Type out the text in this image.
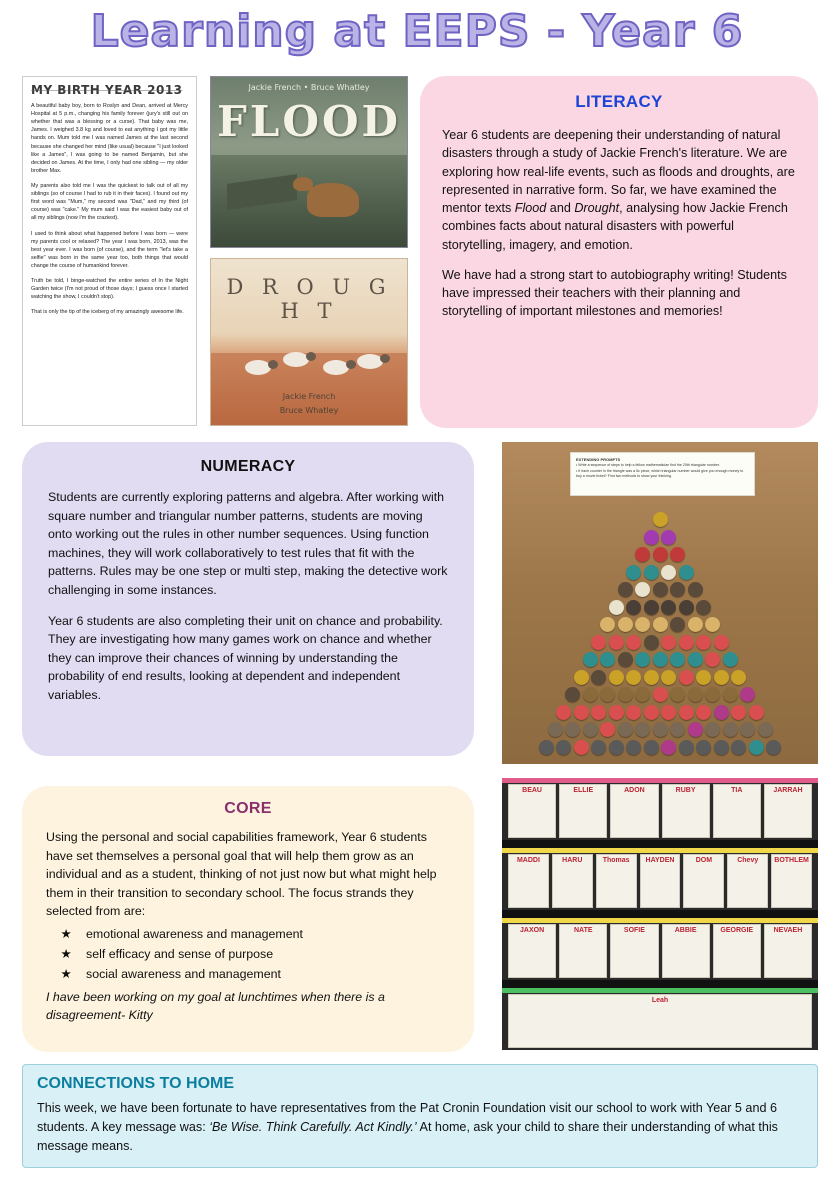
Learning at EEPS - Year 6
MY BIRTH YEAR 2013

A beautiful baby boy, born to Roslyn and Dean, arrived at Mercy Hospital at 5 p.m., changing his family forever (jury's still out on whether that was a blessing or a curse). That baby was me, James. I weighed 3.8 kg and loved to eat anything I got my little hands on. Mum told me I was named James at the last second because she changed her mind (like usual) because "I just looked like a James", I was going to be named Benjamin, but she decided on James. At the time, I only had one sibling — my older brother Max.

My parents also told me I was the quickest to talk out of all my siblings (so of course I had to rub it in their faces). I found out my first word was "Mum," my second was "Dad," and my third (of course) was "cake." My mum said I was the easiest baby out of all my siblings (now I'm the craziest).

I used to think about what happened before I was born — were my parents cool or relaxed? The year I was born, 2013, was the best year ever. I was born (of course), and the term "let's take a selfie" was born in the same year too, both things that would change the course of humankind forever.

Truth be told, I binge-watched the entire series of In the Night Garden twice (I'm not proud of those days; I guess once I started watching the show, I couldn't stop).

That is only the tip of the iceberg of my amazingly awesome life.

Jackie French • Bruce Whatley
FLOOD
D R O U G H T
Jackie French
Bruce Whatley
LITERACY

Year 6 students are deepening their understanding of natural disasters through a study of Jackie French's literature. We are exploring how real-life events, such as floods and droughts, are represented in narrative form. So far, we have examined the mentor texts Flood and Drought, analysing how Jackie French combines facts about natural disasters with powerful storytelling, imagery, and emotion.

We have had a strong start to autobiography writing! Students have impressed their teachers with their planning and storytelling of important milestones and memories!

NUMERACY

Students are currently exploring patterns and algebra. After working with square number and triangular number patterns, students are moving onto working out the rules in other number sequences. Using function machines, they will work collaboratively to test rules that fit with the patterns. Rules may be one step or multi step, making the detective work challenging in some instances.

Year 6 students are also completing their unit on chance and probability. They are investigating how many games work on chance and whether they can improve their chances of winning by understanding the probability of end results, looking at dependent and independent variables.

EXTENDING PROMPTS
• Write a sequence of steps to help a fellow mathematician find the 20th triangular number.
• If each counter in the triangle was a 5c piece, which triangular number would give you enough money to buy a movie ticket? Find two methods to show your thinking.
CORE

Using the personal and social capabilities framework, Year 6 students have set themselves a personal goal that will help them grow as an individual and as a student, thinking of not just now but what might help them in their transition to secondary school. The focus strands they selected from are:

★	emotional awareness and management
★	self efficacy and sense of purpose
★	social awareness and management
I have been working on my goal at lunchtimes when there is a disagreement- Kitty
BEAU	ELLIE	ADON	RUBY	TIA	JARRAH
MADDI	HARU	Thomas	HAYDEN	DOM	Chevy	BOTHLEM
JAXON	NATE	SOFIE	ABBIE	GEORGIE	NEVAEH
Leah
CONNECTIONS TO HOME

This week, we have been fortunate to have representatives from the Pat Cronin Foundation visit our school to work with Year 5 and 6 students. A key message was: ‘Be Wise. Think Carefully. Act Kindly.’ At home, ask your child to share their understanding of what this message means.
